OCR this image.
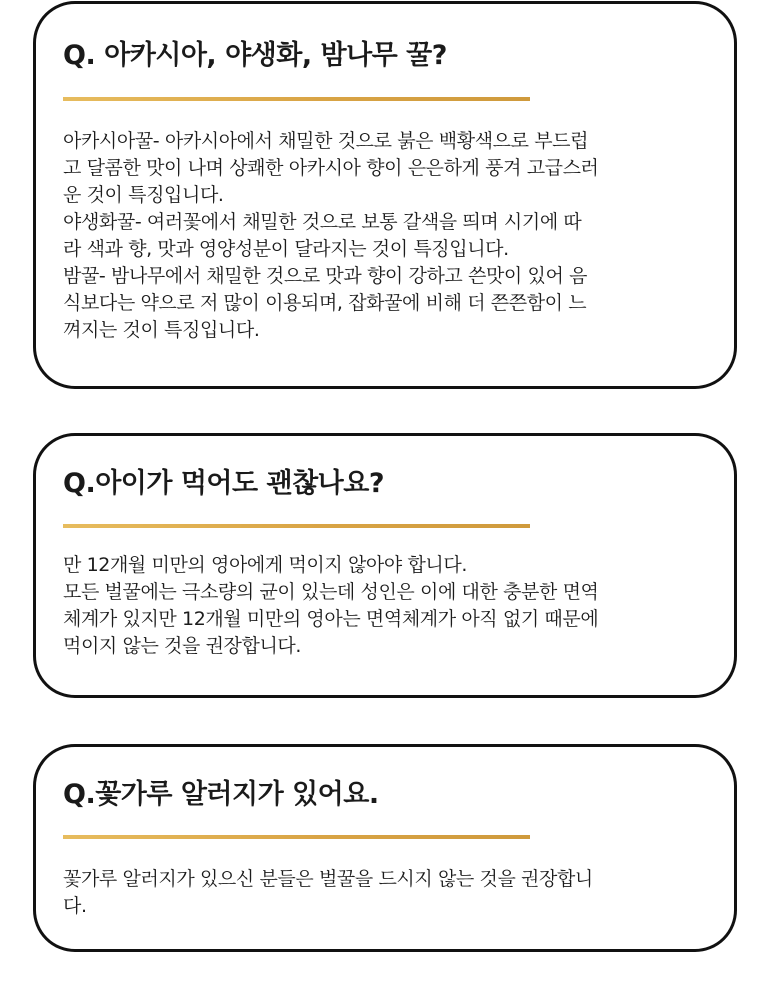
Q. 아카시아, 야생화, 밤나무 꿀?

아카시아꿀- 아카시아에서 채밀한 것으로 붉은 백황색으로 부드럽
고 달콤한 맛이 나며 상쾌한 아카시아 향이 은은하게 풍겨 고급스러
운 것이 특징입니다.
야생화꿀- 여러꽃에서 채밀한 것으로 보통 갈색을 띄며 시기에 따
라 색과 향, 맛과 영양성분이 달라지는 것이 특징입니다.
밤꿀- 밤나무에서 채밀한 것으로 맛과 향이 강하고 쓴맛이 있어 음
식보다는 약으로 저 많이 이용되며, 잡화꿀에 비해 더 쯘쯘함이 느
껴지는 것이 특징입니다.

Q.아이가 먹어도 괜찮나요?

만 12개월 미만의 영아에게 먹이지 않아야 합니다.
모든 벌꿀에는 극소량의 균이 있는데 성인은 이에 대한 충분한 면역
체계가 있지만 12개월 미만의 영아는 면역체계가 아직 없기 때문에
먹이지 않는 것을 권장합니다.

Q.꽃가루 알러지가 있어요.

꽃가루 알러지가 있으신 분들은 벌꿀을 드시지 않는 것을 권장합니
다.
